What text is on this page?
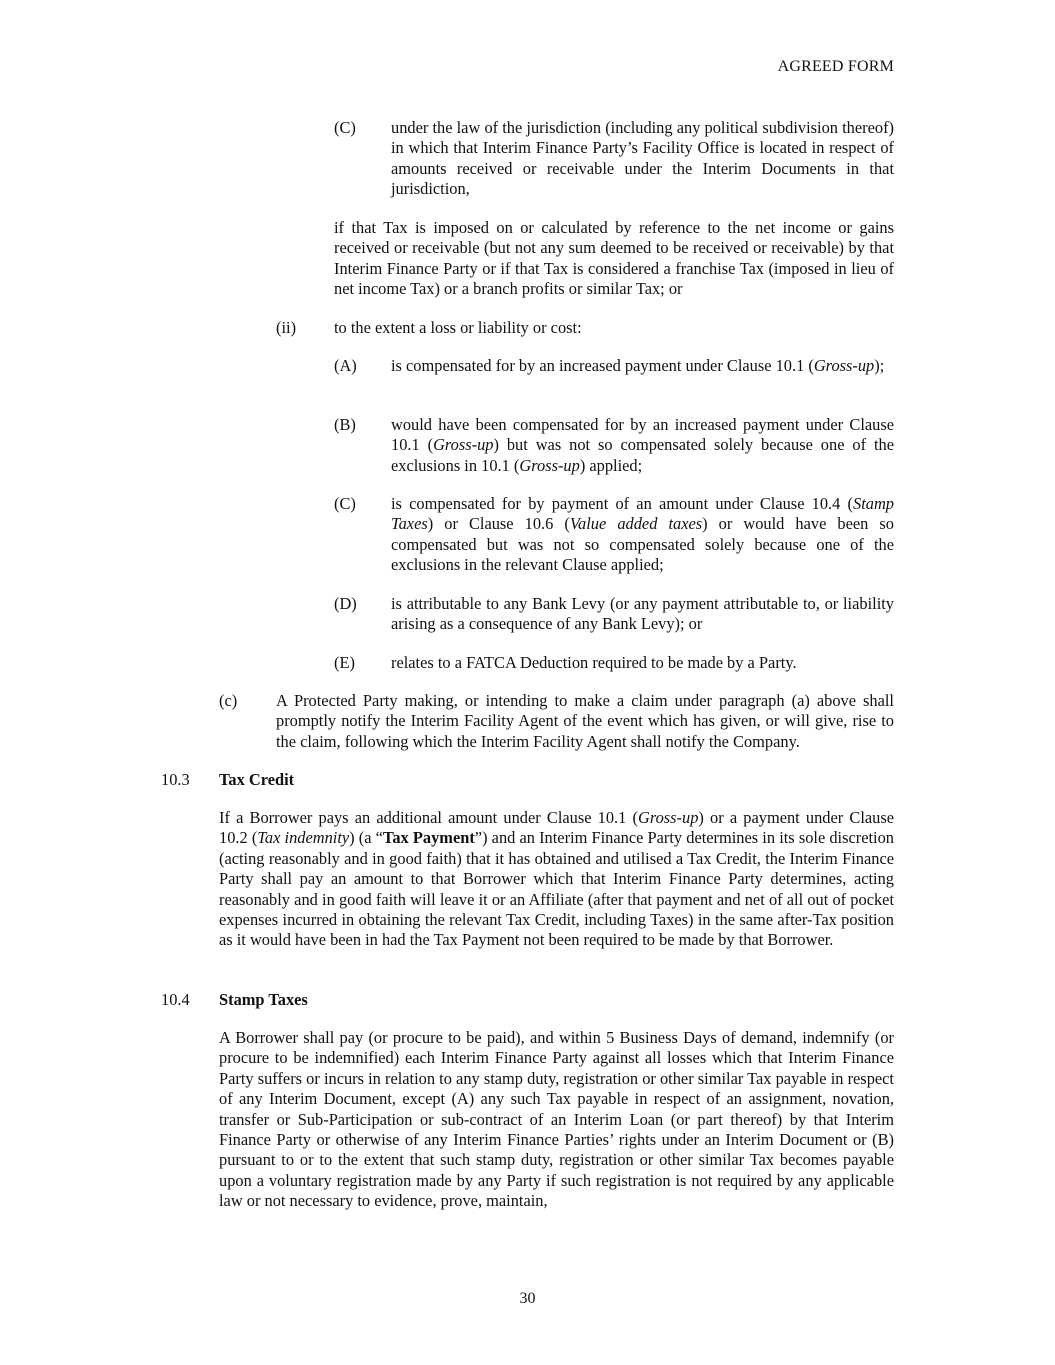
AGREED FORM
(C) under the law of the jurisdiction (including any political subdivision thereof) in which that Interim Finance Party’s Facility Office is located in respect of amounts received or receivable under the Interim Documents in that jurisdiction,
if that Tax is imposed on or calculated by reference to the net income or gains received or receivable (but not any sum deemed to be received or receivable) by that Interim Finance Party or if that Tax is considered a franchise Tax (imposed in lieu of net income Tax) or a branch profits or similar Tax; or
(ii) to the extent a loss or liability or cost:
(A) is compensated for by an increased payment under Clause 10.1 (Gross-up);
(B) would have been compensated for by an increased payment under Clause 10.1 (Gross-up) but was not so compensated solely because one of the exclusions in 10.1 (Gross-up) applied;
(C) is compensated for by payment of an amount under Clause 10.4 (Stamp Taxes) or Clause 10.6 (Value added taxes) or would have been so compensated but was not so compensated solely because one of the exclusions in the relevant Clause applied;
(D) is attributable to any Bank Levy (or any payment attributable to, or liability arising as a consequence of any Bank Levy); or
(E) relates to a FATCA Deduction required to be made by a Party.
(c) A Protected Party making, or intending to make a claim under paragraph (a) above shall promptly notify the Interim Facility Agent of the event which has given, or will give, rise to the claim, following which the Interim Facility Agent shall notify the Company.
10.3 Tax Credit
If a Borrower pays an additional amount under Clause 10.1 (Gross-up) or a payment under Clause 10.2 (Tax indemnity) (a “Tax Payment”) and an Interim Finance Party determines in its sole discretion (acting reasonably and in good faith) that it has obtained and utilised a Tax Credit, the Interim Finance Party shall pay an amount to that Borrower which that Interim Finance Party determines, acting reasonably and in good faith will leave it or an Affiliate (after that payment and net of all out of pocket expenses incurred in obtaining the relevant Tax Credit, including Taxes) in the same after-Tax position as it would have been in had the Tax Payment not been required to be made by that Borrower.
10.4 Stamp Taxes
A Borrower shall pay (or procure to be paid), and within 5 Business Days of demand, indemnify (or procure to be indemnified) each Interim Finance Party against all losses which that Interim Finance Party suffers or incurs in relation to any stamp duty, registration or other similar Tax payable in respect of any Interim Document, except (A) any such Tax payable in respect of an assignment, novation, transfer or Sub-Participation or sub-contract of an Interim Loan (or part thereof) by that Interim Finance Party or otherwise of any Interim Finance Parties’ rights under an Interim Document or (B) pursuant to or to the extent that such stamp duty, registration or other similar Tax becomes payable upon a voluntary registration made by any Party if such registration is not required by any applicable law or not necessary to evidence, prove, maintain,
30
